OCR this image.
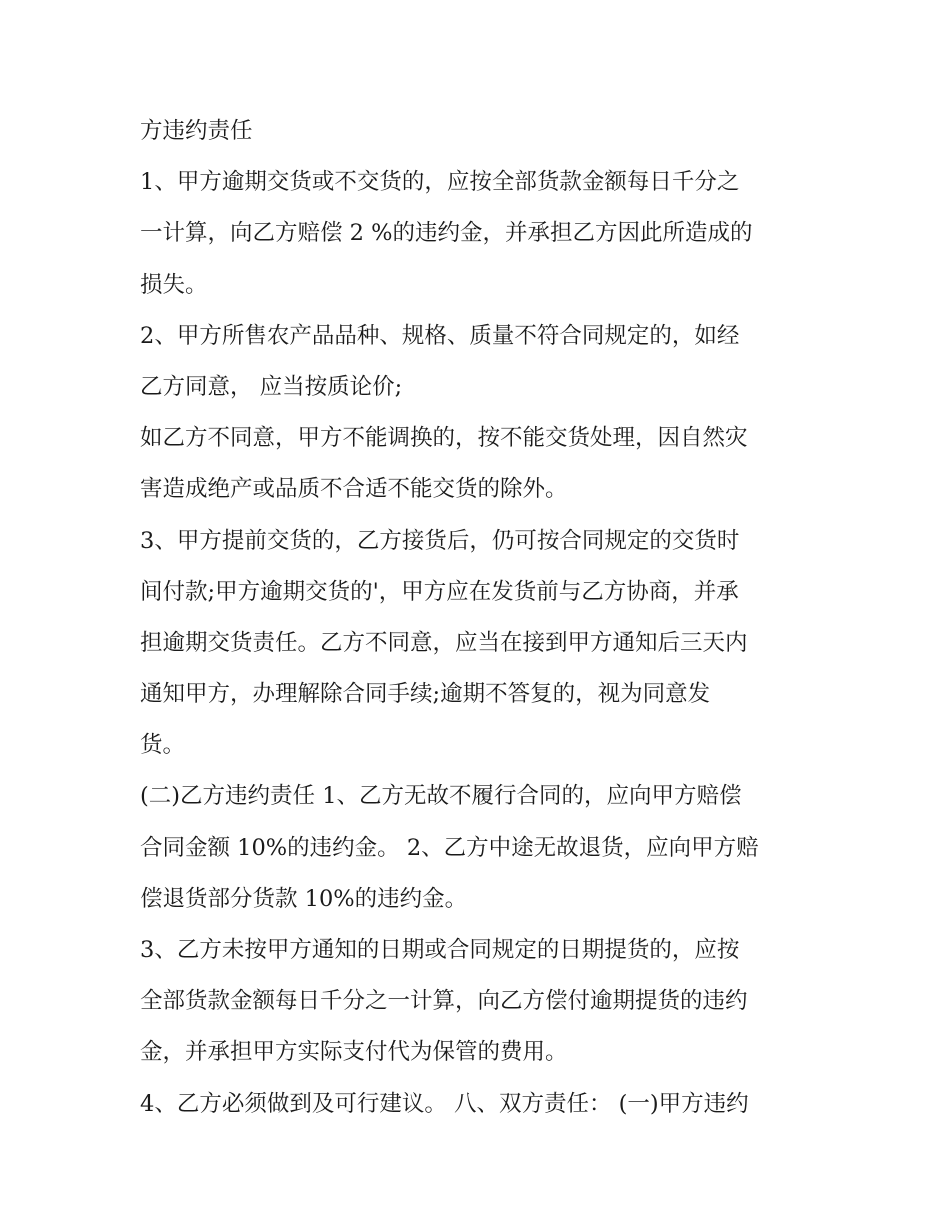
方违约责任
1、甲方逾期交货或不交货的，应按全部货款金额每日千分之
一计算，向乙方赔偿 2 %的违约金，并承担乙方因此所造成的
损失。
2、甲方所售农产品品种、规格、质量不符合同规定的，如经
乙方同意， 应当按质论价;
如乙方不同意，甲方不能调换的，按不能交货处理，因自然灾
害造成绝产或品质不合适不能交货的除外。
3、甲方提前交货的，乙方接货后，仍可按合同规定的交货时
间付款;甲方逾期交货的'，甲方应在发货前与乙方协商，并承
担逾期交货责任。乙方不同意，应当在接到甲方通知后三天内
通知甲方，办理解除合同手续;逾期不答复的，视为同意发
货。
(二)乙方违约责任 1、乙方无故不履行合同的，应向甲方赔偿
合同金额 10%的违约金。 2、乙方中途无故退货，应向甲方赔
偿退货部分货款 10%的违约金。
3、乙方未按甲方通知的日期或合同规定的日期提货的，应按
全部货款金额每日千分之一计算，向乙方偿付逾期提货的违约
金，并承担甲方实际支付代为保管的费用。
4、乙方必须做到及可行建议。 八、双方责任： (一)甲方违约
